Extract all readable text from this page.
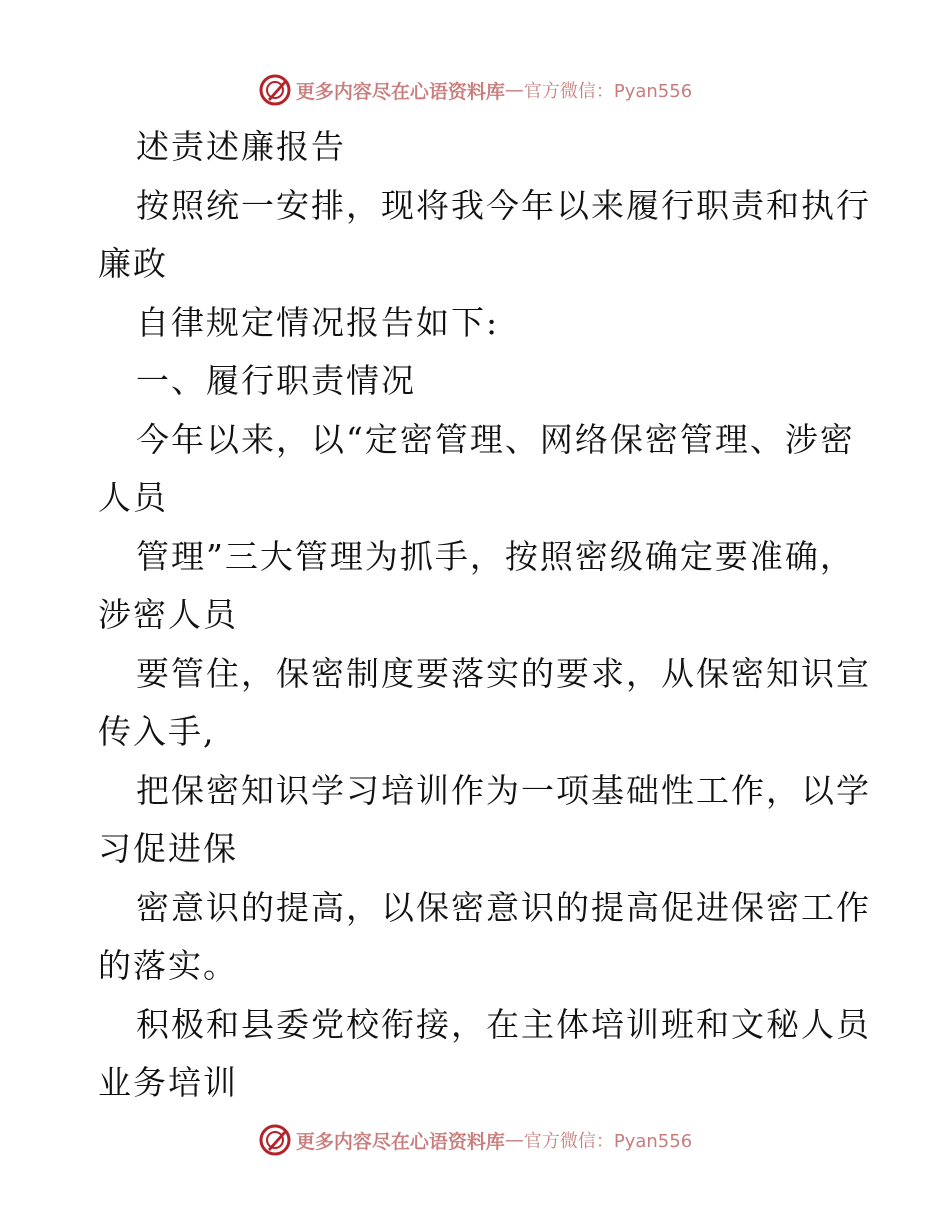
更多内容尽在心语资料库 — 官方微信：Pyan556
述责述廉报告
按照统一安排，现将我今年以来履行职责和执行
廉政
自律规定情况报告如下:
一、履行职责情况
今年以来，以“定密管理、网络保密管理、涉密
人员
管理”三大管理为抓手，按照密级确定要准确，
涉密人员
要管住，保密制度要落实的要求，从保密知识宣
传入手,
把保密知识学习培训作为一项基础性工作，以学
习促进保
密意识的提高，以保密意识的提高促进保密工作
的落实。
积极和县委党校衔接，在主体培训班和文秘人员
业务培训
更多内容尽在心语资料库 — 官方微信：Pyan556
